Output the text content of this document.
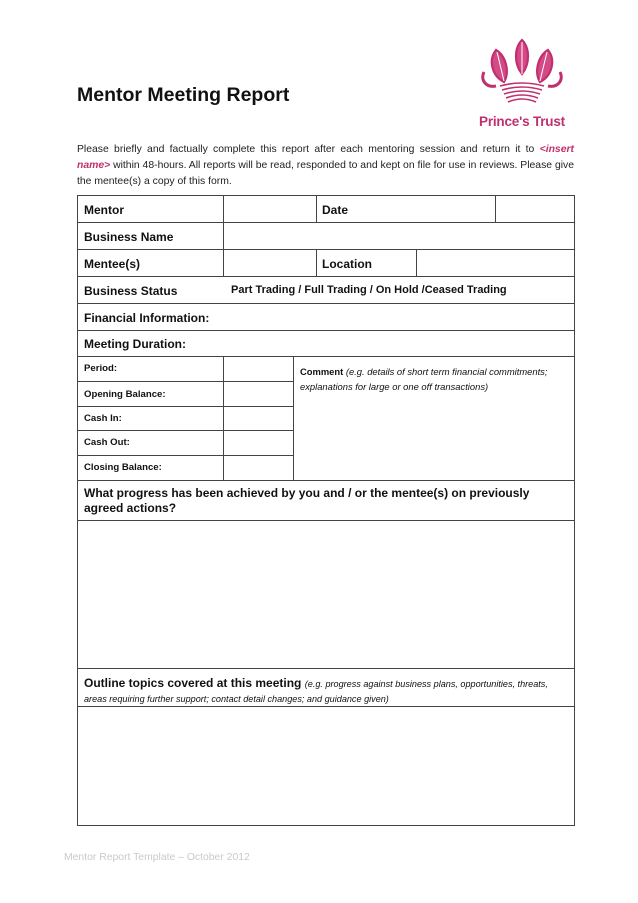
Prince's Trust
Mentor Meeting Report
Please briefly and factually complete this report after each mentoring session and return it to <insert name> within 48-hours. All reports will be read, responded to and kept on file for use in reviews. Please give the mentee(s) a copy of this form.
Mentor	Date
Business Name
Mentee(s)	Location
Business Status	Part Trading / Full Trading / On Hold /Ceased Trading
Financial Information:
Meeting Duration:
Period:
Opening Balance:
Cash In:
Cash Out:
Closing Balance:
Comment (e.g. details of short term financial commitments; explanations for large or one off transactions)
What progress has been achieved by you and / or the mentee(s) on previously agreed actions?
Outline topics covered at this meeting (e.g. progress against business plans, opportunities, threats, areas requiring further support; contact detail changes; and guidance given)
Mentor Report Template – October 2012
